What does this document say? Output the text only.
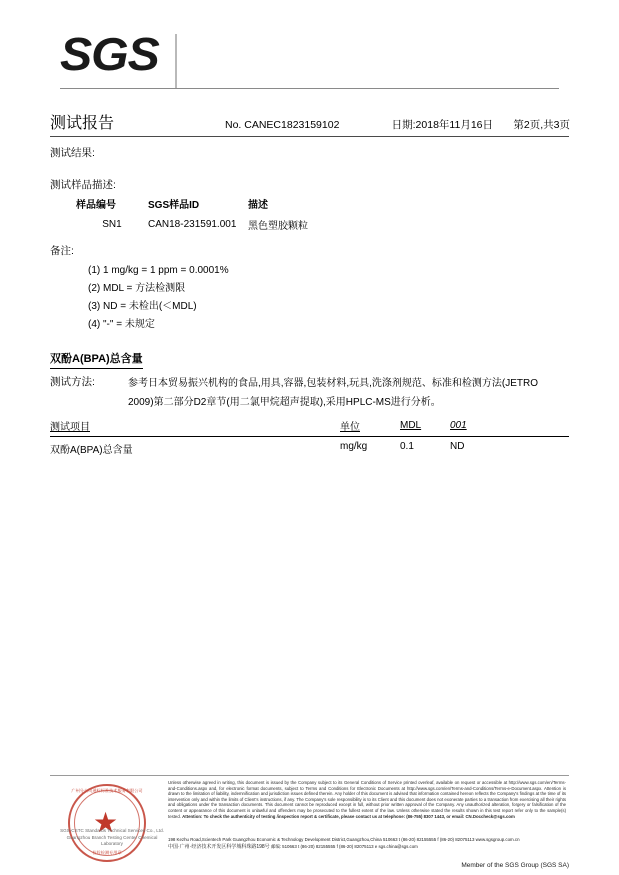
SGS
测试报告	No. CANEC1823159102	日期:2018年11月16日	第2页,共3页
测试结果:
测试样品描述:
样品编号	SGS样品ID	描述
SN1	CAN18-231591.001	黑色塑胶颗粒
备注:
(1) 1 mg/kg = 1 ppm = 0.0001%
(2) MDL = 方法检测限
(3) ND = 未检出(＜MDL)
(4) "-" = 未规定
双酚A(BPA)总含量
测试方法:	参考日本贸易振兴机构的食品,用具,容器,包装材料,玩具,洗涤剂规范、标准和检测方法(JETRO 2009)第二部分D2章节(用二氯甲烷超声提取),采用HPLC-MS进行分析。
测试项目	单位	MDL	001
双酚A(BPA)总含量	mg/kg	0.1	ND
广州分公司通标标准技术服务有限公司
★
检验检测专用章
SGS-CSTC Standards Technical Services Co., Ltd.
Guangzhou Branch Testing Center Chemical Laboratory
Unless otherwise agreed in writing, this document is issued by the Company subject to its General Conditions of Service printed overleaf, available on request or accessible at http://www.sgs.com/en/Terms-and-Conditions.aspx and, for electronic format documents, subject to Terms and Conditions for Electronic Documents at http://www.sgs.com/en/Terms-and-Conditions/Terms-e-Document.aspx. Attention is drawn to the limitation of liability, indemnification and jurisdiction issues defined therein. Any holder of this document is advised that information contained hereon reflects the Company's findings at the time of its intervention only and within the limits of Client's instructions, if any. The Company's sole responsibility is to its Client and this document does not exonerate parties to a transaction from exercising all their rights and obligations under the transaction documents. This document cannot be reproduced except in full, without prior written approval of the Company. Any unauthorized alteration, forgery or falsification of the content or appearance of this document is unlawful and offenders may be prosecuted to the fullest extent of the law. Unless otherwise stated the results shown in this test report refer only to the sample(s) tested. Attention: To check the authenticity of testing /inspection report & certificate, please contact us at telephone: (86-755) 8307 1443, or email: CN.Doccheck@sgs.com
198 Kezhu Road,Scientech Park Guangzhou Economic & Technology Development District,Guangzhou,China 510663 t (86-20) 82155555 f (86-20) 82075113 www.sgsgroup.com.cn
中国·广州·经济技术开发区科学城科珠路198号 邮编: 510663 t (86-20) 82155555 f (86-20) 82075113 e sgs.china@sgs.com
Member of the SGS Group (SGS SA)
